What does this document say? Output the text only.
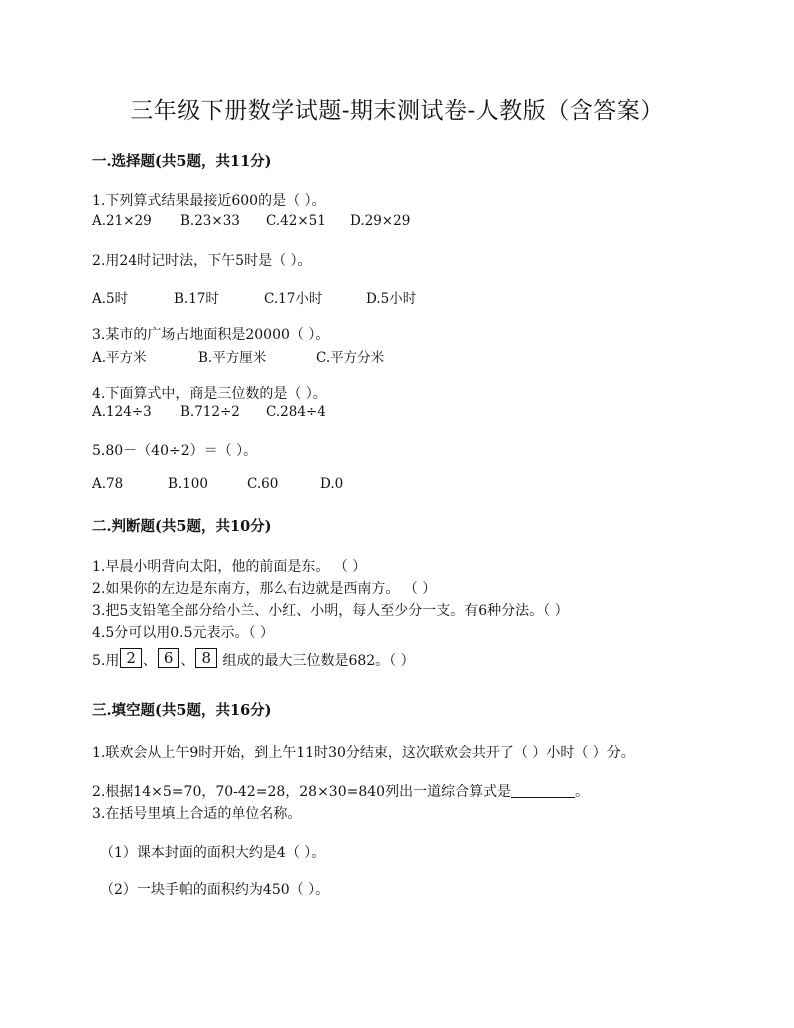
三年级下册数学试题-期末测试卷-人教版（含答案）
一.选择题(共5题，共11分)
1.下列算式结果最接近600的是（ ）。
A.21×29 B.23×33 C.42×51 D.29×29
2.用24时记时法，下午5时是（ ）。
A.5时	B.17时	C.17小时	D.5小时
3.某市的广场占地面积是20000（ ）。
A.平方米	B.平方厘米	C.平方分米
4.下面算式中，商是三位数的是（ ）。
A.124÷3 B.712÷2 C.284÷4
5.80－（40÷2）＝（ ）。
A.78	B.100	C.60	D.0
二.判断题(共5题，共10分)
1.早晨小明背向太阳，他的前面是东。 （ ）
2.如果你的左边是东南方，那么右边就是西南方。 （ ）
3.把5支铅笔全部分给小兰、小红、小明，每人至少分一支。有6种分法。（ ）
4.5分可以用0.5元表示。（ ）
5.用 2 、 6 、 8 组成的最大三位数是682。（ ）
三.填空题(共5题，共16分)
1.联欢会从上午9时开始，到上午11时30分结束，这次联欢会共开了（ ）小时（ ）分。
2.根据14×5=70，70-42=28，28×30=840列出一道综合算式是	。
3.在括号里填上合适的单位名称。
（1）课本封面的面积大约是4（ ）。
（2）一块手帕的面积约为450（ ）。
